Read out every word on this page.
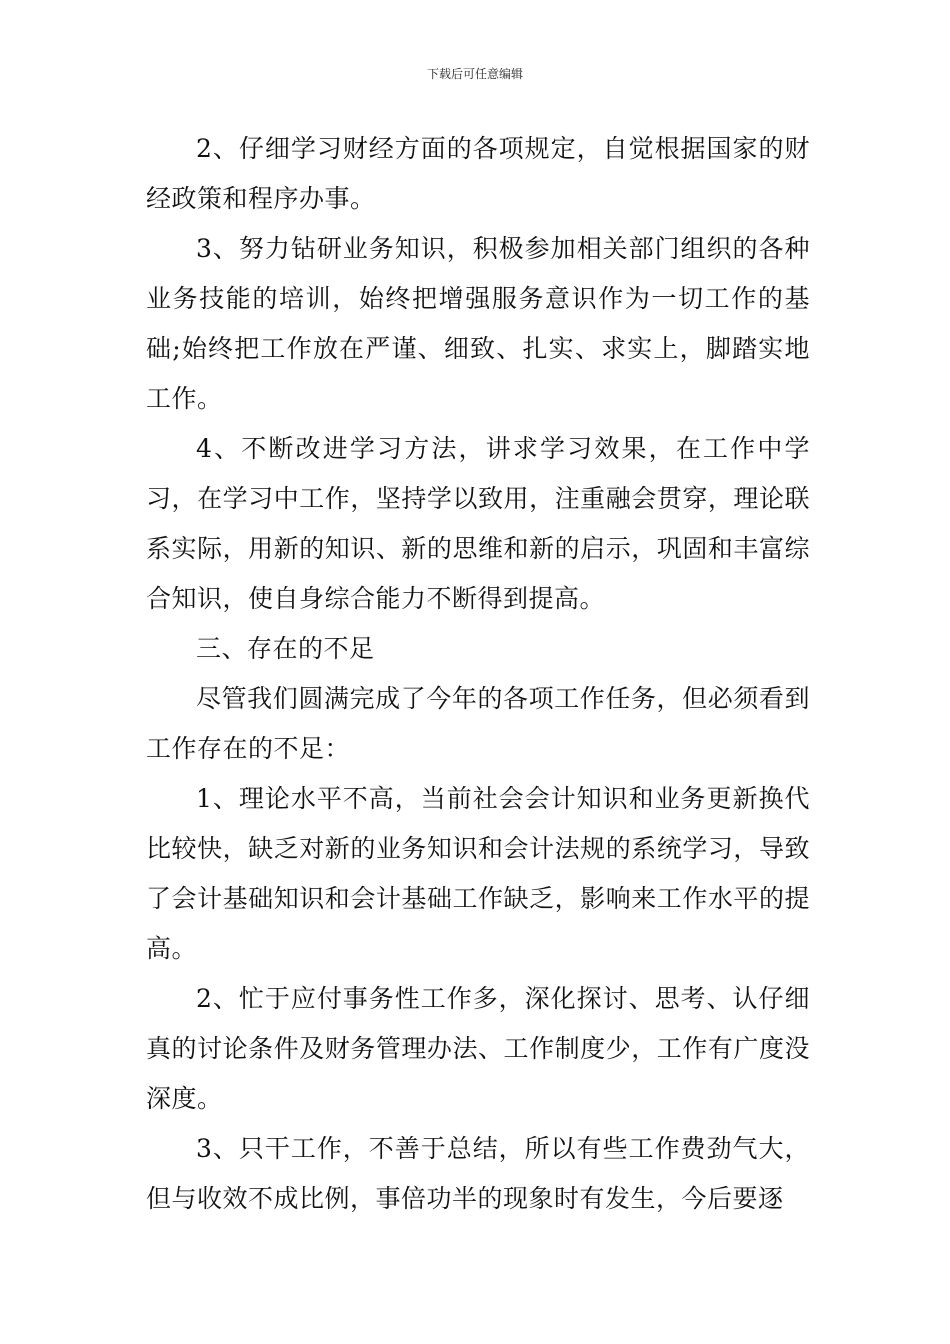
下载后可任意编辑

2、仔细学习财经方面的各项规定，自觉根据国家的财经政策和程序办事。

3、努力钻研业务知识，积极参加相关部门组织的各种业务技能的培训，始终把增强服务意识作为一切工作的基础;始终把工作放在严谨、细致、扎实、求实上，脚踏实地工作。

4、不断改进学习方法，讲求学习效果，在工作中学习，在学习中工作，坚持学以致用，注重融会贯穿，理论联系实际，用新的知识、新的思维和新的启示，巩固和丰富综合知识，使自身综合能力不断得到提高。

三、存在的不足

尽管我们圆满完成了今年的各项工作任务，但必须看到工作存在的不足：

1、理论水平不高，当前社会会计知识和业务更新换代比较快，缺乏对新的业务知识和会计法规的系统学习，导致了会计基础知识和会计基础工作缺乏，影响来工作水平的提高。

2、忙于应付事务性工作多，深化探讨、思考、认仔细真的讨论条件及财务管理办法、工作制度少，工作有广度没深度。

3、只干工作，不善于总结，所以有些工作费劲气大，但与收效不成比例，事倍功半的现象时有发生，今后要逐
